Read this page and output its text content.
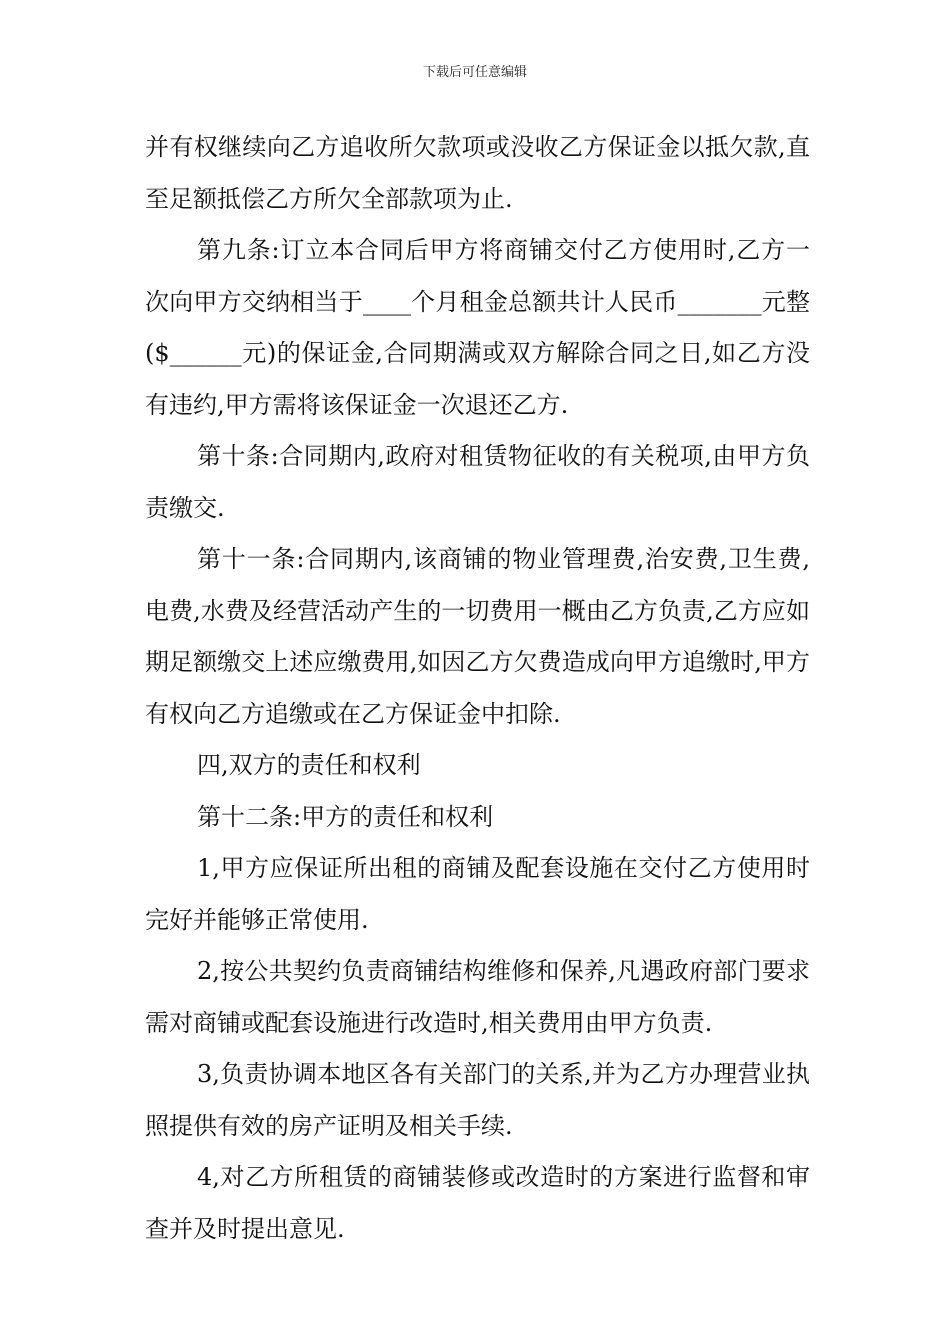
下载后可任意编辑

并有权继续向乙方追收所欠款项或没收乙方保证金以抵欠款,直至足额抵偿乙方所欠全部款项为止.

第九条:订立本合同后甲方将商铺交付乙方使用时,乙方一次向甲方交纳相当于____个月租金总额共计人民币_______元整($______元)的保证金,合同期满或双方解除合同之日,如乙方没有违约,甲方需将该保证金一次退还乙方.

第十条:合同期内,政府对租赁物征收的有关税项,由甲方负责缴交.

第十一条:合同期内,该商铺的物业管理费,治安费,卫生费,电费,水费及经营活动产生的一切费用一概由乙方负责,乙方应如期足额缴交上述应缴费用,如因乙方欠费造成向甲方追缴时,甲方有权向乙方追缴或在乙方保证金中扣除.

四,双方的责任和权利

第十二条:甲方的责任和权利

1,甲方应保证所出租的商铺及配套设施在交付乙方使用时完好并能够正常使用.

2,按公共契约负责商铺结构维修和保养,凡遇政府部门要求需对商铺或配套设施进行改造时,相关费用由甲方负责.

3,负责协调本地区各有关部门的关系,并为乙方办理营业执照提供有效的房产证明及相关手续.

4,对乙方所租赁的商铺装修或改造时的方案进行监督和审查并及时提出意见.
